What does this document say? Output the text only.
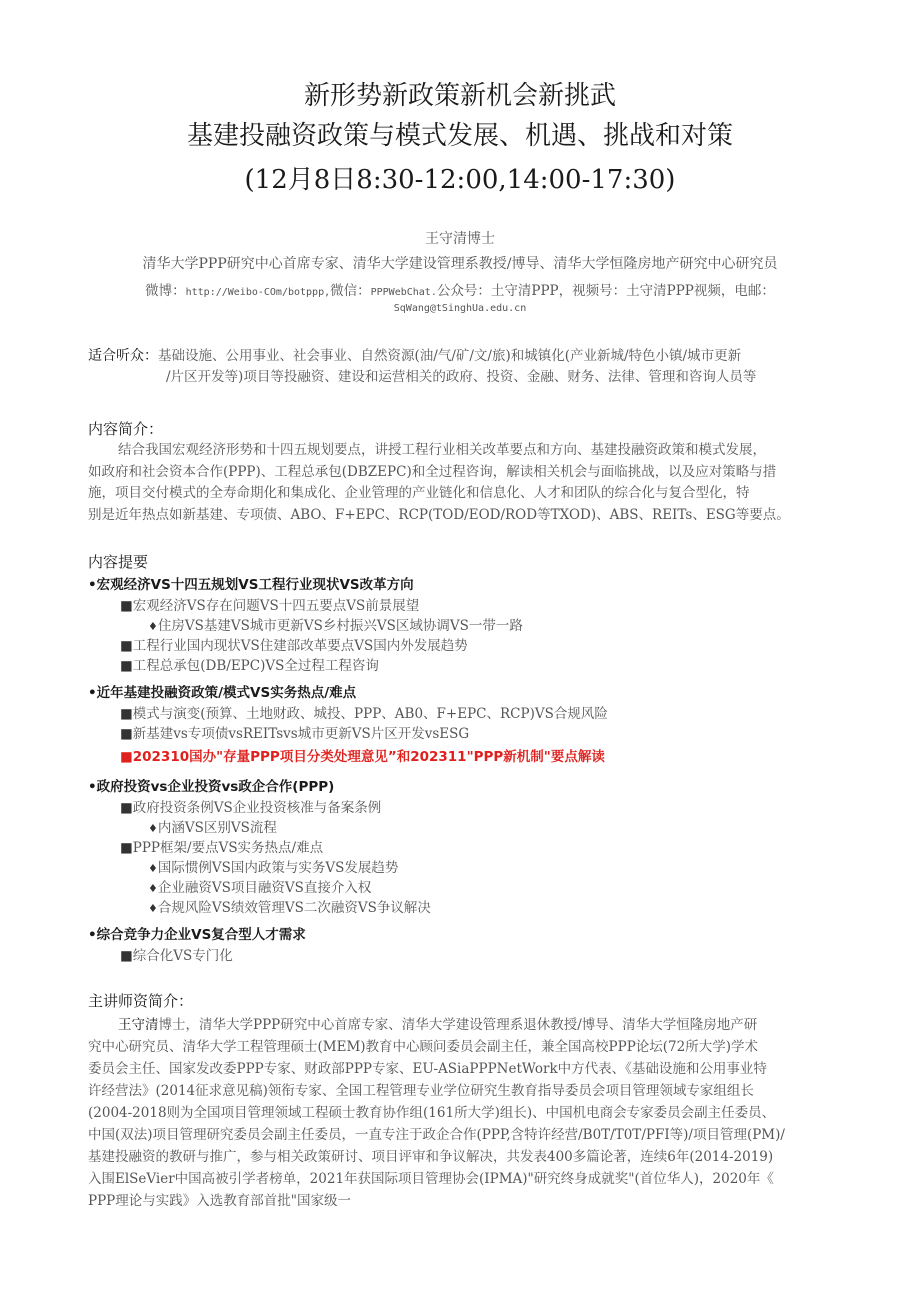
新形势新政策新机会新挑武
基建投融资政策与模式发展、机遇、挑战和对策
(12月8日8:30-12:00,14:00-17:30)
王守清博士
清华大学PPP研究中心首席专家、清华大学建设管理系教授/博导、清华大学恒隆房地产研究中心研究员
微博：http://Weibo-COm/botppp,微信：PPPWebChat.公众号：土守清PPP，视频号：土守清PPP视频，电邮：
SqWang@tSinghUa.edu.cn
适合听众：基础设施、公用事业、社会事业、自然资源(油/气/矿/文/旅)和城镇化(产业新城/特色小镇/城市更新
/片区开发等)项目等投融资、建设和运营相关的政府、投资、金融、财务、法律、管理和咨询人员等
内容简介：
结合我国宏观经济形势和十四五规划要点，讲授工程行业相关改革要点和方向、基建投融资政策和模式发展，
如政府和社会资本合作(PPP)、工程总承包(DBZEPC)和全过程咨询，解读相关机会与面临挑战，以及应对策略与措
施，项目交付模式的全寿命期化和集成化、企业管理的产业链化和信息化、人才和团队的综合化与复合型化，特
别是近年热点如新基建、专项债、ABO、F+EPC、RCP(TOD/EOD/ROD等TXOD)、ABS、REITs、ESG等要点。
内容提要
•宏观经济VS十四五规划VS工程行业现状VS改革方向
■宏观经济VS存在问题VS十四五要点VS前景展望
♦住房VS基建VS城市更新VS乡村振兴VS区域协调VS一带一路
■工程行业国内现状VS住建部改革要点VS国内外发展趋势
■工程总承包(DB/EPC)VS全过程工程咨询
•近年基建投融资政策/模式VS实务热点/难点
■模式与演变(预算、土地财政、城投、PPP、AB0、F+EPC、RCP)VS合规风险
■新基建vs专项债vsREITsvs城市更新VS片区开发vsESG
■202310国办"存量PPP项目分类处理意见”和202311"PPP新机制"要点解读
•政府投资vs企业投资vs政企合作(PPP)
■政府投资条例VS企业投资核准与备案条例
♦内涵VS区别VS流程
■PPP框架/要点VS实务热点/难点
♦国际惯例VS国内政策与实务VS发展趋势
♦企业融资VS项目融资VS直接介入权
♦合规风险VS绩效管理VS二次融资VS争议解决
•综合竞争力企业VS复合型人才需求
■综合化VS专门化
主讲师资简介：
王守清博士，清华大学PPP研究中心首席专家、清华大学建设管理系退休教授/博导、清华大学恒隆房地产研
究中心研究员、清华大学工程管理硕士(MEM)教育中心顾问委员会副主任，兼全国高校PPP论坛(72所大学)学术
委员会主任、国家发改委PPP专家、财政部PPP专家、EU-ASiaPPPNetWork中方代表、《基础设施和公用事业特
许经营法》(2014征求意见稿)领衔专家、全国工程管理专业学位研究生教育指导委员会项目管理领域专家组组长
(2004-2018则为全国项目管理领域工程硕士教育协作组(161所大学)组长)、中国机电商会专家委员会副主任委员、
中国(双法)项目管理研究委员会副主任委员，一直专注于政企合作(PPP,含特许经营/B0T/T0T/PFI等)/项目管理(PM)/
基建投融资的教研与推广，参与相关政策研讨、项目评审和争议解决，共发表400多篇论著，连续6年(2014-2019)
入围ElSeVier中国高被引学者榜单，2021年获国际项目管理协会(IPMA)"研究终身成就奖"(首位华人)，2020年《
PPP理论与实践》入选教育部首批"国家级一
